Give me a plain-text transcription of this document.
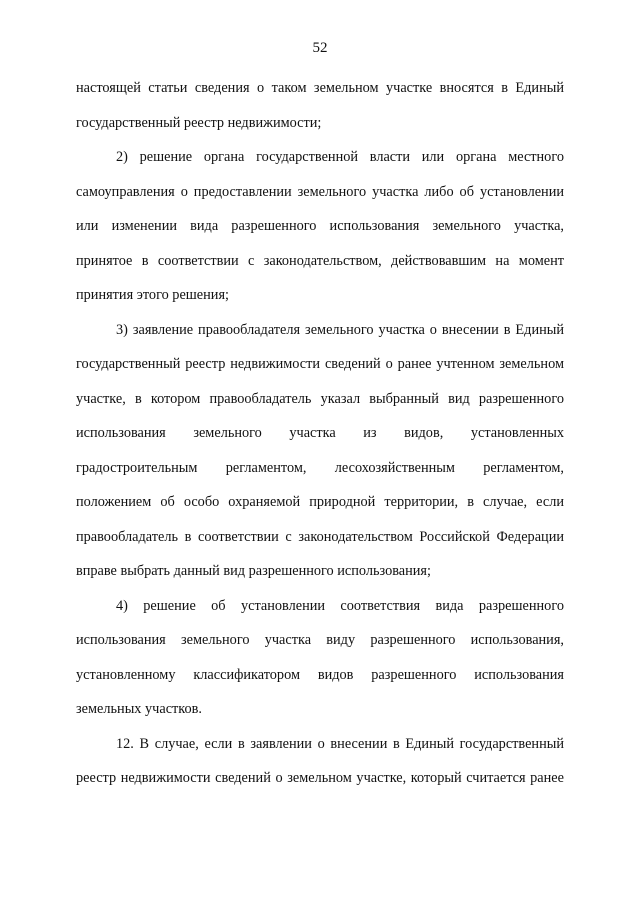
52
настоящей статьи сведения о таком земельном участке вносятся в Единый
государственный реестр недвижимости;
2) решение органа государственной власти или органа местного
самоуправления о предоставлении земельного участка либо об установлении
или изменении вида разрешенного использования земельного участка,
принятое в соответствии с законодательством, действовавшим на момент
принятия этого решения;
3) заявление правообладателя земельного участка о внесении в Единый
государственный реестр недвижимости сведений о ранее учтенном земельном
участке, в котором правообладатель указал выбранный вид разрешенного
использования земельного участка из видов, установленных
градостроительным регламентом, лесохозяйственным регламентом,
положением об особо охраняемой природной территории, в случае, если
правообладатель в соответствии с законодательством Российской Федерации
вправе выбрать данный вид разрешенного использования;
4) решение об установлении соответствия вида разрешенного
использования земельного участка виду разрешенного использования,
установленному классификатором видов разрешенного использования
земельных участков.
12. В случае, если в заявлении о внесении в Единый государственный
реестр недвижимости сведений о земельном участке, который считается ранее
